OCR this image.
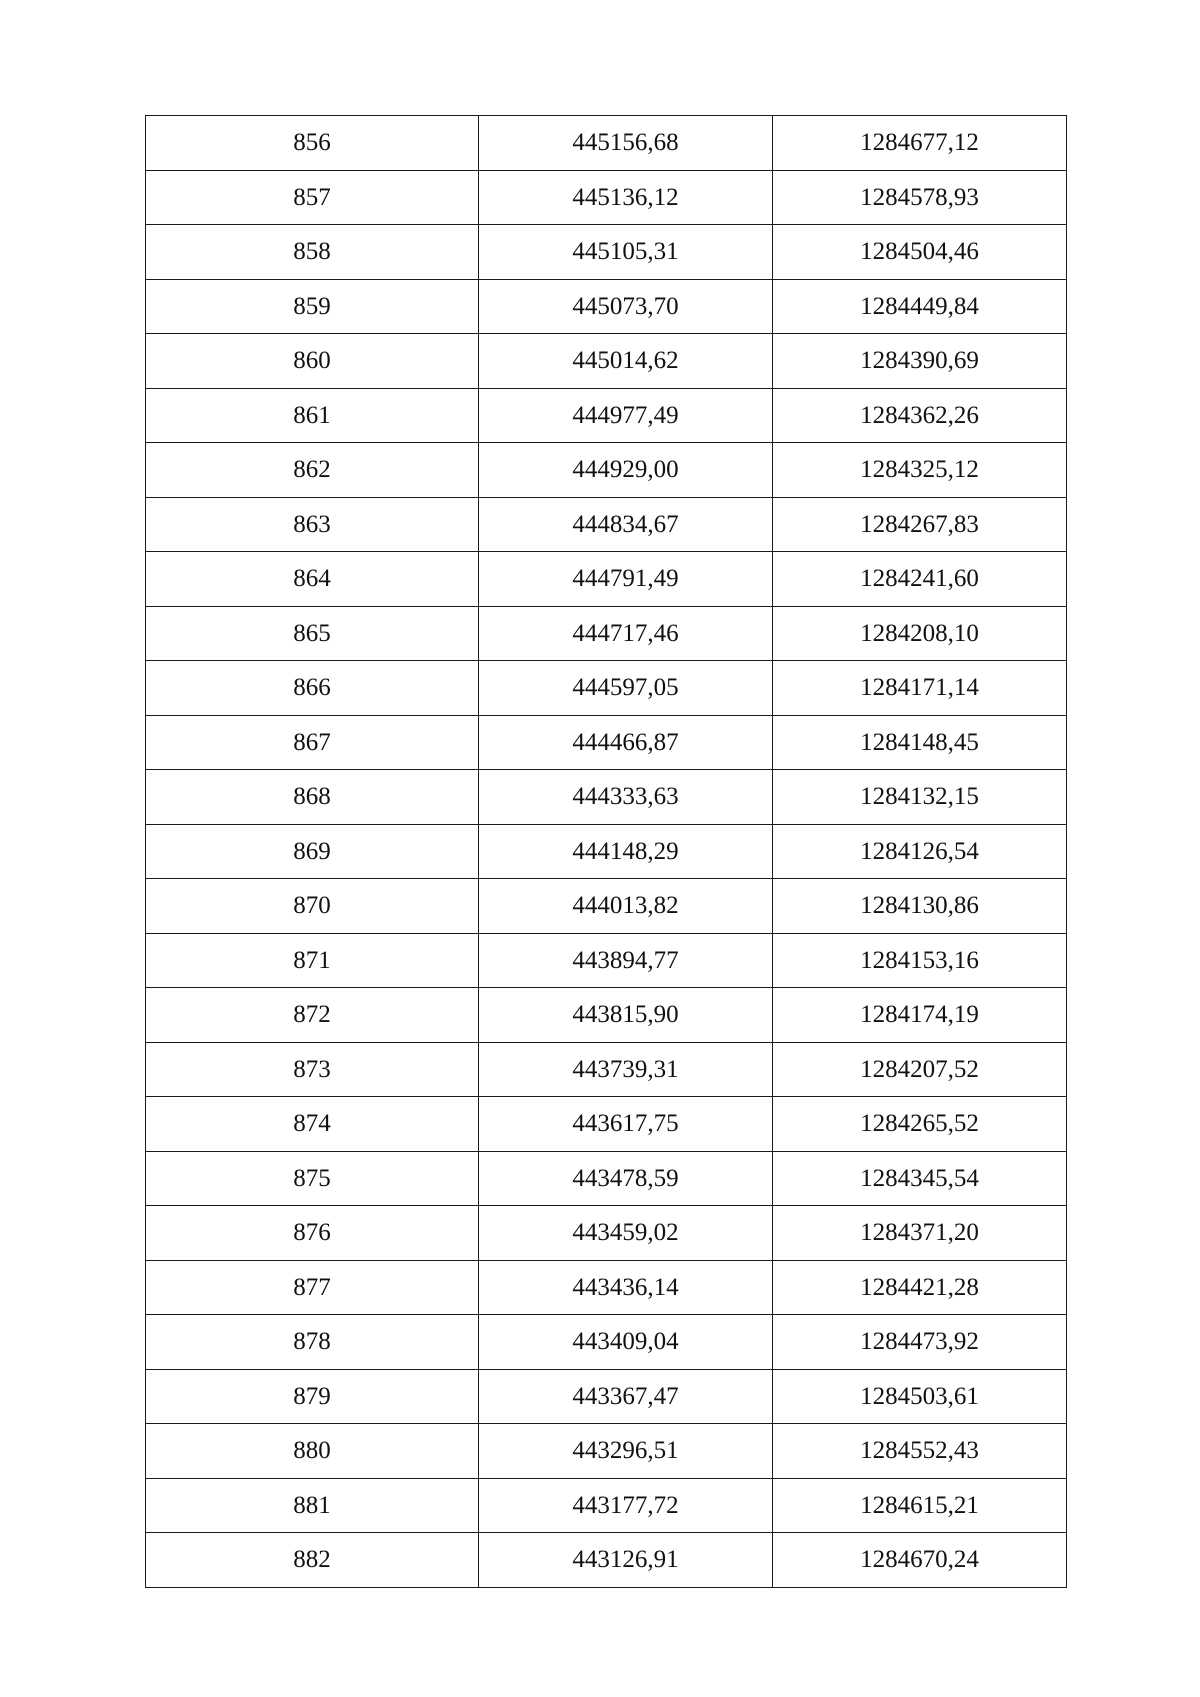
856	445156,68	1284677,12
857	445136,12	1284578,93
858	445105,31	1284504,46
859	445073,70	1284449,84
860	445014,62	1284390,69
861	444977,49	1284362,26
862	444929,00	1284325,12
863	444834,67	1284267,83
864	444791,49	1284241,60
865	444717,46	1284208,10
866	444597,05	1284171,14
867	444466,87	1284148,45
868	444333,63	1284132,15
869	444148,29	1284126,54
870	444013,82	1284130,86
871	443894,77	1284153,16
872	443815,90	1284174,19
873	443739,31	1284207,52
874	443617,75	1284265,52
875	443478,59	1284345,54
876	443459,02	1284371,20
877	443436,14	1284421,28
878	443409,04	1284473,92
879	443367,47	1284503,61
880	443296,51	1284552,43
881	443177,72	1284615,21
882	443126,91	1284670,24
